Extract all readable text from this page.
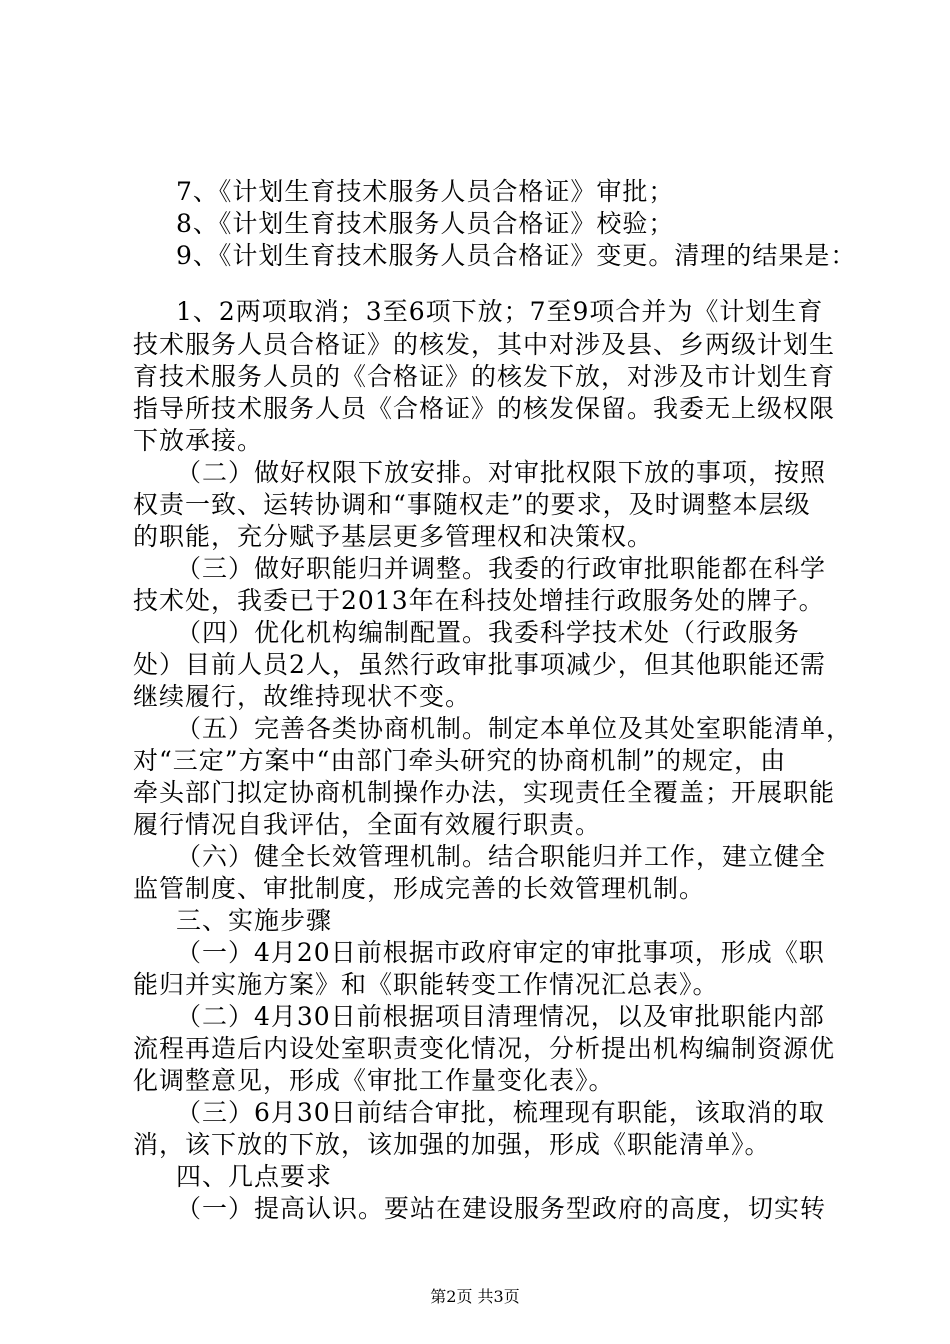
7、《计划生育技术服务人员合格证》审批；
8、《计划生育技术服务人员合格证》校验；
9、《计划生育技术服务人员合格证》变更。清理的结果是：
1、2两项取消；3至6项下放；7至9项合并为《计划生育
技术服务人员合格证》的核发，其中对涉及县、乡两级计划生
育技术服务人员的《合格证》的核发下放，对涉及市计划生育
指导所技术服务人员《合格证》的核发保留。我委无上级权限
下放承接。
（二）做好权限下放安排。对审批权限下放的事项，按照
权责一致、运转协调和“事随权走”的要求，及时调整本层级
的职能，充分赋予基层更多管理权和决策权。
（三）做好职能归并调整。我委的行政审批职能都在科学
技术处，我委已于2013年在科技处增挂行政服务处的牌子。
（四）优化机构编制配置。我委科学技术处（行政服务
处）目前人员2人，虽然行政审批事项减少，但其他职能还需
继续履行，故维持现状不变。
（五）完善各类协商机制。制定本单位及其处室职能清单，
对“三定”方案中“由部门牵头研究的协商机制”的规定，由
牵头部门拟定协商机制操作办法，实现责任全覆盖；开展职能
履行情况自我评估，全面有效履行职责。
（六）健全长效管理机制。结合职能归并工作，建立健全
监管制度、审批制度，形成完善的长效管理机制。
三、实施步骤
（一）4月20日前根据市政府审定的审批事项，形成《职
能归并实施方案》和《职能转变工作情况汇总表》。
（二）4月30日前根据项目清理情况，以及审批职能内部
流程再造后内设处室职责变化情况，分析提出机构编制资源优
化调整意见，形成《审批工作量变化表》。
（三）6月30日前结合审批，梳理现有职能，该取消的取
消，该下放的下放，该加强的加强，形成《职能清单》。
四、几点要求
（一）提高认识。要站在建设服务型政府的高度，切实转
第2页 共3页
